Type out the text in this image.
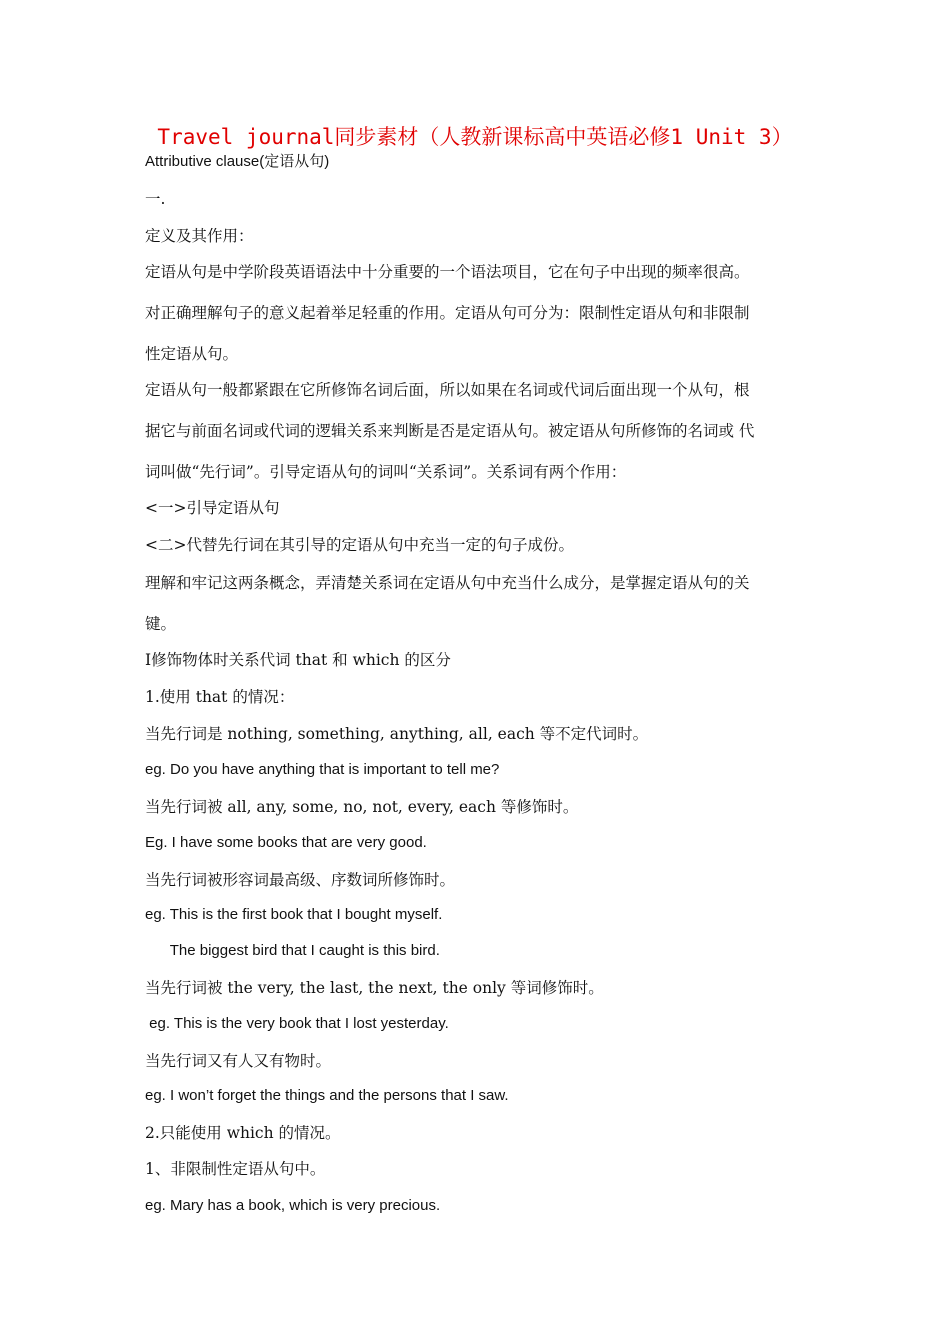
Travel journal同步素材（人教新课标高中英语必修1 Unit 3）
Attributive clause(定语从句)
一.
定义及其作用：
定语从句是中学阶段英语语法中十分重要的一个语法项目，它在句子中出现的频率很高。
对正确理解句子的意义起着举足轻重的作用。定语从句可分为：限制性定语从句和非限制
性定语从句。
定语从句一般都紧跟在它所修饰名词后面，所以如果在名词或代词后面出现一个从句，根
据它与前面名词或代词的逻辑关系来判断是否是定语从句。被定语从句所修饰的名词或 代
词叫做“先行词”。引导定语从句的词叫“关系词”。关系词有两个作用：
<一>引导定语从句
<二>代替先行词在其引导的定语从句中充当一定的句子成份。
理解和牢记这两条概念，弄清楚关系词在定语从句中充当什么成分，是掌握定语从句的关
键。
I修饰物体时关系代词 that 和 which 的区分
1.使用 that 的情况：
当先行词是 nothing, something, anything, all, each 等不定代词时。
eg. Do you have anything that is important to tell me?
当先行词被 all, any, some, no, not, every, each 等修饰时。
Eg. I have some books that are very good.
当先行词被形容词最高级、序数词所修饰时。
eg. This is the first book that I bought myself.
The biggest bird that I caught is this bird.
当先行词被 the very, the last, the next, the only 等词修饰时。
eg. This is the very book that I lost yesterday.
当先行词又有人又有物时。
eg. I won’t forget the things and the persons that I saw.
2.只能使用 which 的情况。
1、非限制性定语从句中。
eg. Mary has a book, which is very precious.
